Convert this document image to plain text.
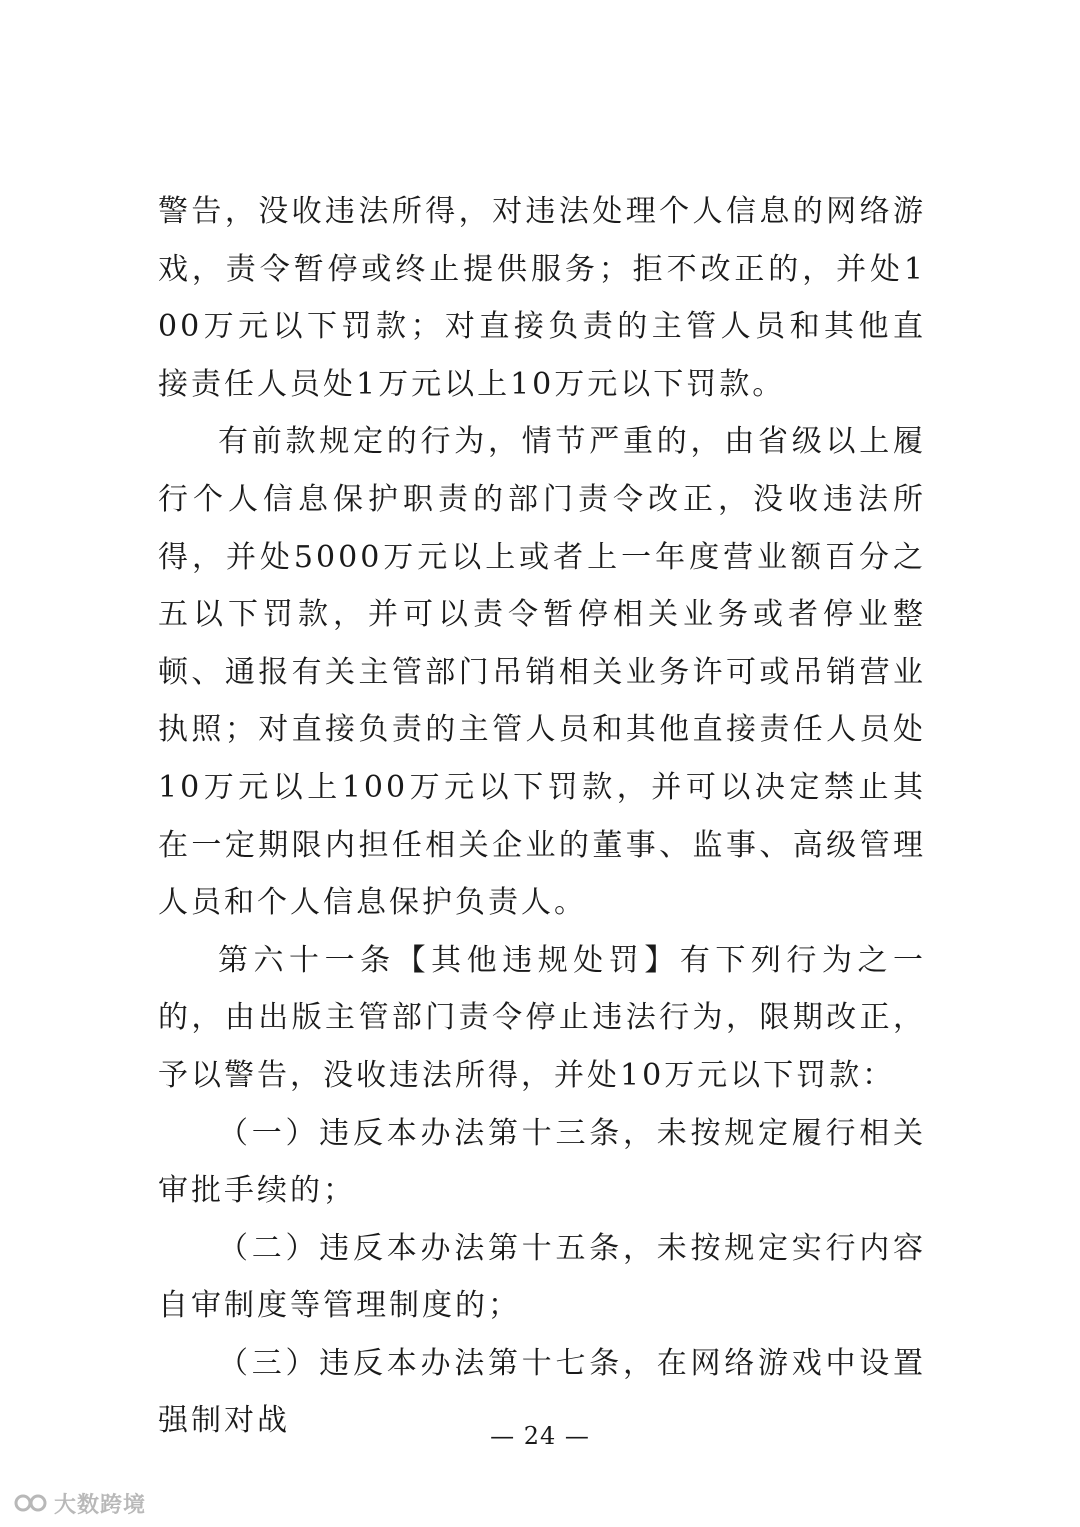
警告，没收违法所得，对违法处理个人信息的网络游戏，责令暂停或终止提供服务；拒不改正的，并处100万元以下罚款；对直接负责的主管人员和其他直接责任人员处1万元以上10万元以下罚款。

有前款规定的行为，情节严重的，由省级以上履行个人信息保护职责的部门责令改正，没收违法所得，并处5000万元以上或者上一年度营业额百分之五以下罚款，并可以责令暂停相关业务或者停业整顿、通报有关主管部门吊销相关业务许可或吊销营业执照；对直接负责的主管人员和其他直接责任人员处10万元以上100万元以下罚款，并可以决定禁止其在一定期限内担任相关企业的董事、监事、高级管理人员和个人信息保护负责人。

第六十一条【其他违规处罚】有下列行为之一的，由出版主管部门责令停止违法行为，限期改正，予以警告，没收违法所得，并处10万元以下罚款：

（一）违反本办法第十三条，未按规定履行相关审批手续的；

（二）违反本办法第十五条，未按规定实行内容自审制度等管理制度的；

（三）违反本办法第十七条，在网络游戏中设置强制对战	— 24 —
大数跨境
